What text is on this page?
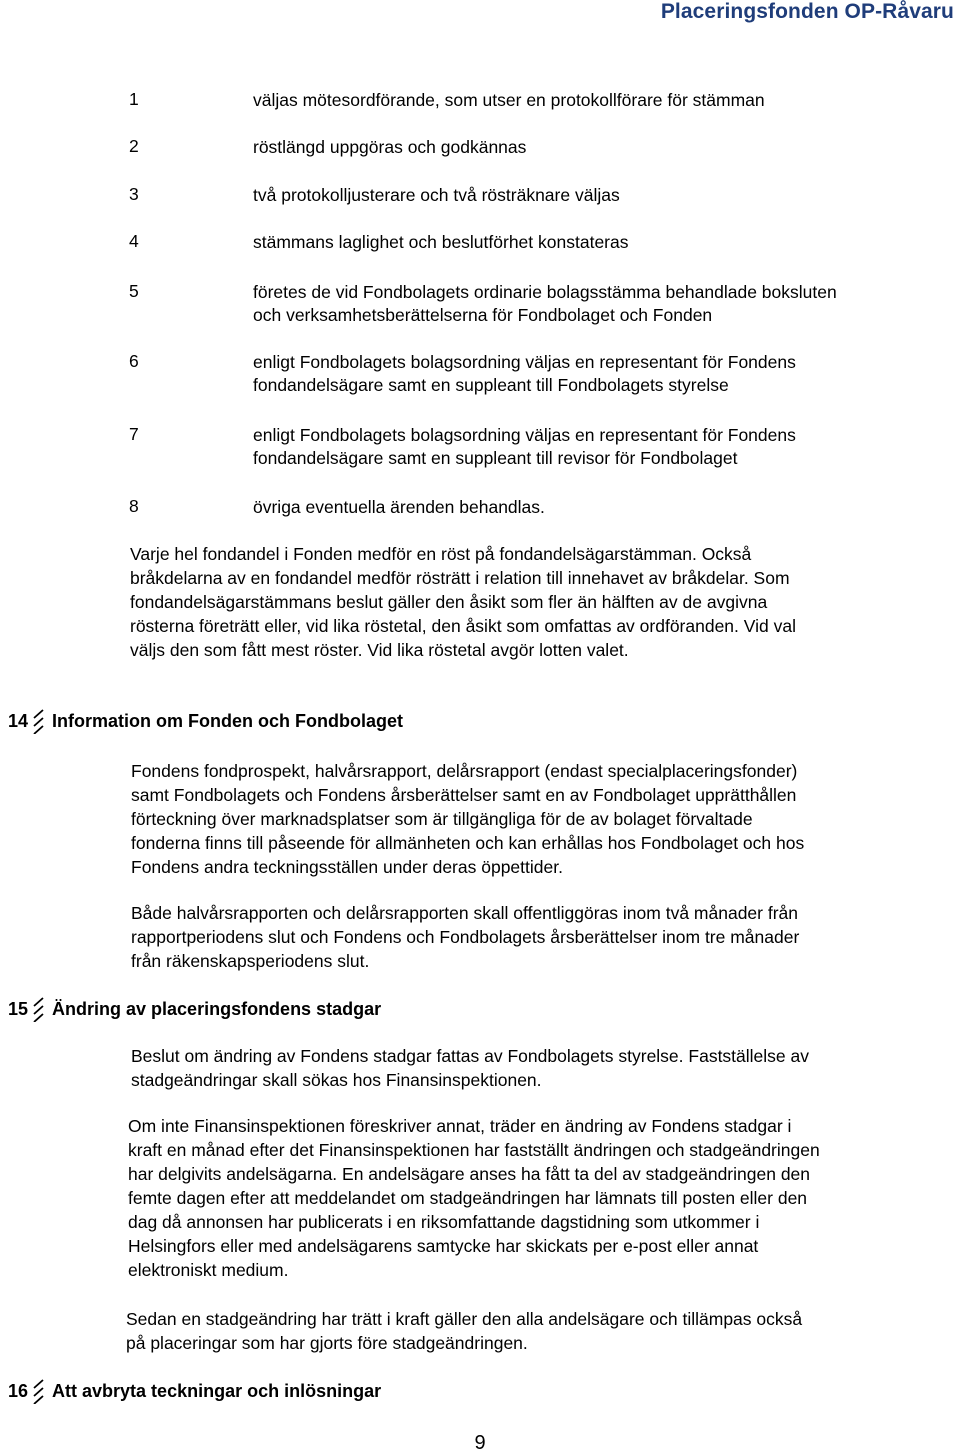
Placeringsfonden OP-Råvaru
1	väljas mötesordförande, som utser en protokollförare för stämman
2	röstlängd uppgöras och godkännas
3	två protokolljusterare och två rösträknare väljas
4	stämmans laglighet och beslutförhet konstateras
5	företes de vid Fondbolagets ordinarie bolagsstämma behandlade boksluten
och verksamhetsberättelserna för Fondbolaget och Fonden
6	enligt Fondbolagets bolagsordning väljas en representant för Fondens
fondandelsägare samt en suppleant till Fondbolagets styrelse
7	enligt Fondbolagets bolagsordning väljas en representant för Fondens
fondandelsägare samt en suppleant till revisor för Fondbolaget
8	övriga eventuella ärenden behandlas.
Varje hel fondandel i Fonden medför en röst på fondandelsägarstämman. Också
bråkdelarna av en fondandel medför rösträtt i relation till innehavet av bråkdelar. Som
fondandelsägarstämmans beslut gäller den åsikt som fler än hälften av de avgivna
rösterna företrätt eller, vid lika röstetal, den åsikt som omfattas av ordföranden. Vid val
väljs den som fått mest röster. Vid lika röstetal avgör lotten valet.
14 Information om Fonden och Fondbolaget
Fondens fondprospekt, halvårsrapport, delårsrapport (endast specialplaceringsfonder)
samt Fondbolagets och Fondens årsberättelser samt en av Fondbolaget upprätthållen
förteckning över marknadsplatser som är tillgängliga för de av bolaget förvaltade
fonderna finns till påseende för allmänheten och kan erhållas hos Fondbolaget och hos
Fondens andra teckningsställen under deras öppettider.
Både halvårsrapporten och delårsrapporten skall offentliggöras inom två månader från
rapportperiodens slut och Fondens och Fondbolagets årsberättelser inom tre månader
från räkenskapsperiodens slut.
15 Ändring av placeringsfondens stadgar
Beslut om ändring av Fondens stadgar fattas av Fondbolagets styrelse. Fastställelse av
stadgeändringar skall sökas hos Finansinspektionen.
Om inte Finansinspektionen föreskriver annat, träder en ändring av Fondens stadgar i
kraft en månad efter det Finansinspektionen har fastställt ändringen och stadgeändringen
har delgivits andelsägarna. En andelsägare anses ha fått ta del av stadgeändringen den
femte dagen efter att meddelandet om stadgeändringen har lämnats till posten eller den
dag då annonsen har publicerats i en riksomfattande dagstidning som utkommer i
Helsingfors eller med andelsägarens samtycke har skickats per e-post eller annat
elektroniskt medium.
Sedan en stadgeändring har trätt i kraft gäller den alla andelsägare och tillämpas också
på placeringar som har gjorts före stadgeändringen.
16 Att avbryta teckningar och inlösningar
9
